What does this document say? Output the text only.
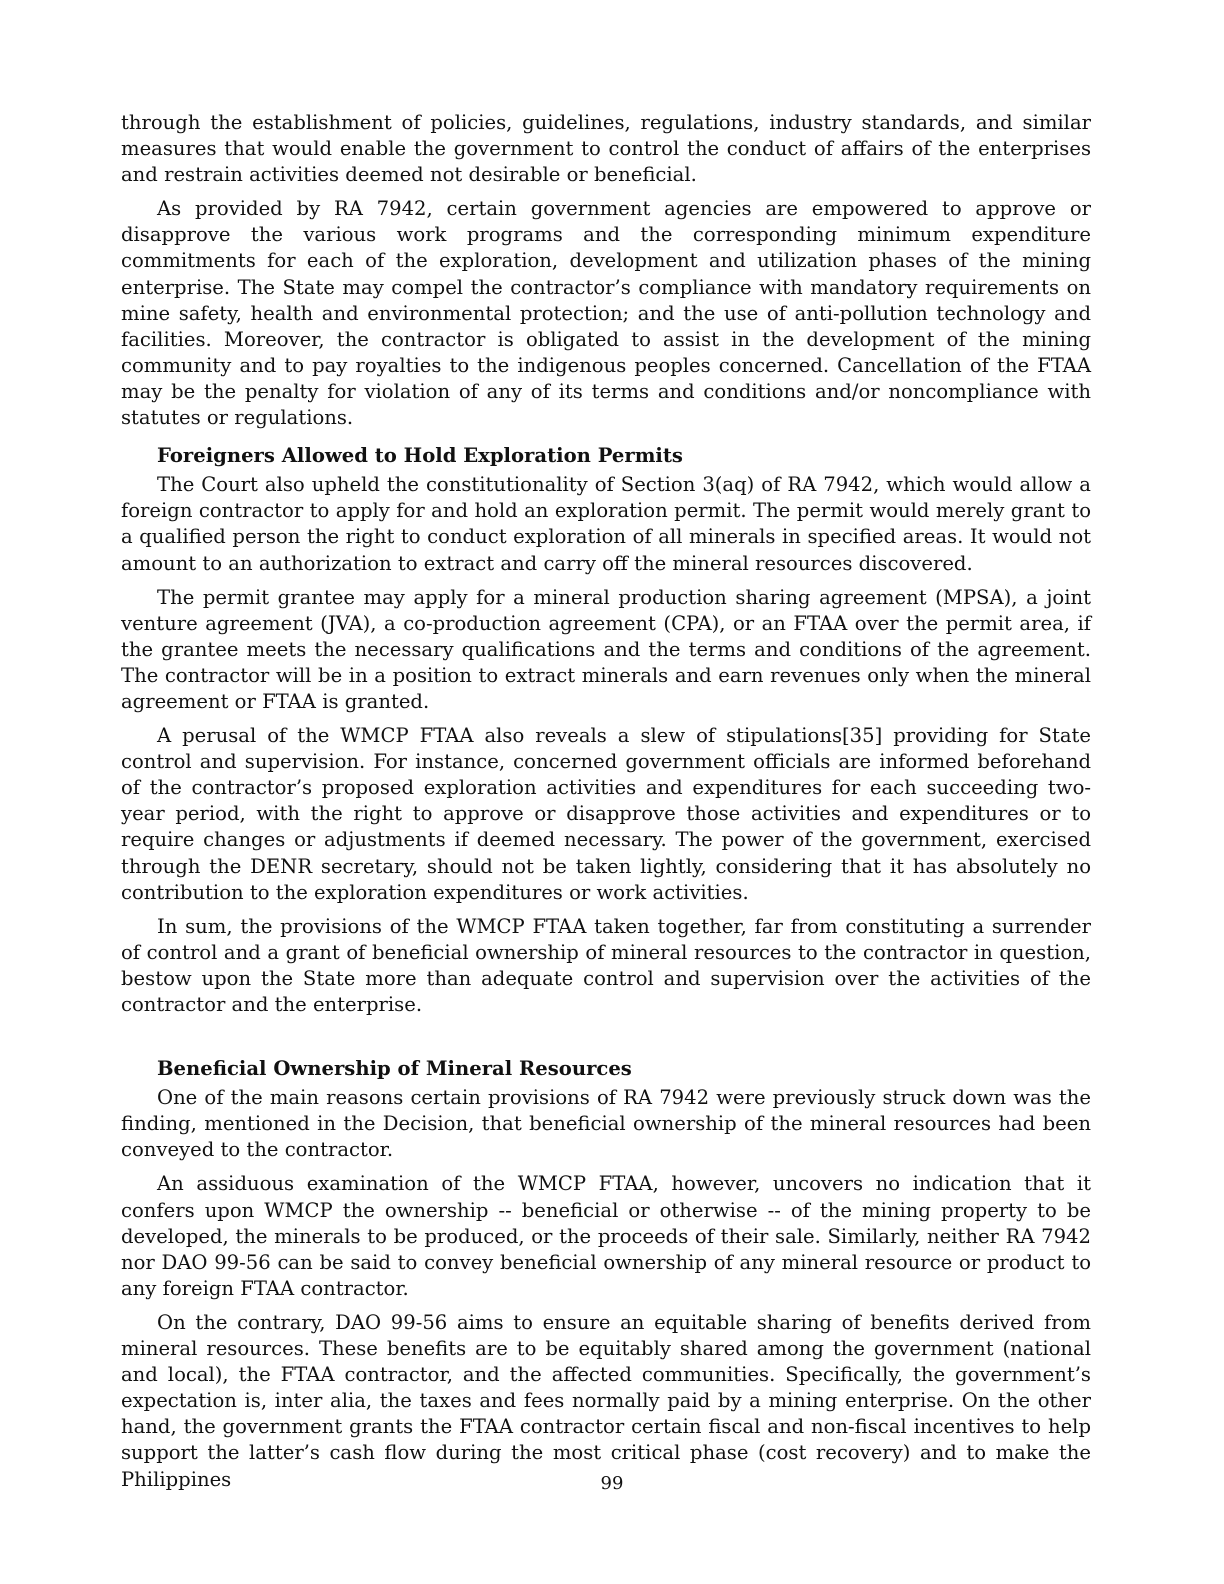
through the establishment of policies, guidelines, regulations, industry standards, and similar measures that would enable the government to control the conduct of affairs of the enterprises and restrain activities deemed not desirable or beneficial.

As provided by RA 7942, certain government agencies are empowered to approve or disapprove the various work programs and the corresponding minimum expenditure commitments for each of the exploration, development and utilization phases of the mining enterprise. The State may compel the contractor’s compliance with mandatory requirements on mine safety, health and environmental protection; and the use of anti-pollution technology and facilities. Moreover, the contractor is obligated to assist in the development of the mining community and to pay royalties to the indigenous peoples concerned. Cancellation of the FTAA may be the penalty for violation of any of its terms and conditions and/or noncompliance with statutes or regulations.

Foreigners Allowed to Hold Exploration Permits

The Court also upheld the constitutionality of Section 3(aq) of RA 7942, which would allow a foreign contractor to apply for and hold an exploration permit. The permit would merely grant to a qualified person the right to conduct exploration of all minerals in specified areas. It would not amount to an authorization to extract and carry off the mineral resources discovered.

The permit grantee may apply for a mineral production sharing agreement (MPSA), a joint venture agreement (JVA), a co-production agreement (CPA), or an FTAA over the permit area, if the grantee meets the necessary qualifications and the terms and conditions of the agreement. The contractor will be in a position to extract minerals and earn revenues only when the mineral agreement or FTAA is granted.

A perusal of the WMCP FTAA also reveals a slew of stipulations[35] providing for State control and supervision. For instance, concerned government officials are informed beforehand of the contractor’s proposed exploration activities and expenditures for each succeeding two-year period, with the right to approve or disapprove those activities and expenditures or to require changes or adjustments if deemed necessary. The power of the government, exercised through the DENR secretary, should not be taken lightly, considering that it has absolutely no contribution to the exploration expenditures or work activities.

In sum, the provisions of the WMCP FTAA taken together, far from constituting a surrender of control and a grant of beneficial ownership of mineral resources to the contractor in question, bestow upon the State more than adequate control and supervision over the activities of the contractor and the enterprise.

Beneficial Ownership of Mineral Resources

One of the main reasons certain provisions of RA 7942 were previously struck down was the finding, mentioned in the Decision, that beneficial ownership of the mineral resources had been conveyed to the contractor.

An assiduous examination of the WMCP FTAA, however, uncovers no indication that it confers upon WMCP the ownership -- beneficial or otherwise -- of the mining property to be developed, the minerals to be produced, or the proceeds of their sale. Similarly, neither RA 7942 nor DAO 99-56 can be said to convey beneficial ownership of any mineral resource or product to any foreign FTAA contractor.

On the contrary, DAO 99-56 aims to ensure an equitable sharing of benefits derived from mineral resources. These benefits are to be equitably shared among the government (national and local), the FTAA contractor, and the affected communities. Specifically, the government’s expectation is, inter alia, the taxes and fees normally paid by a mining enterprise. On the other hand, the government grants the FTAA contractor certain fiscal and non-fiscal incentives to help support the latter’s cash flow during the most critical phase (cost recovery) and to make the Philippines	99
